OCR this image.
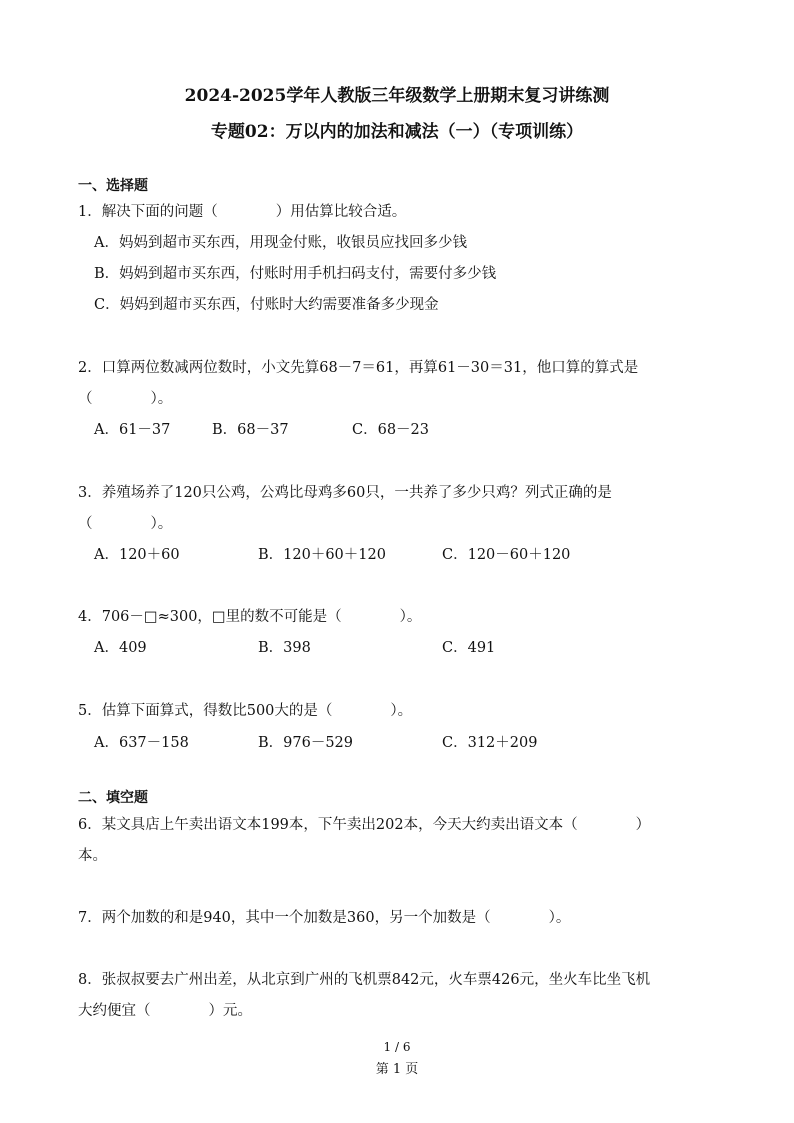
2024-2025学年人教版三年级数学上册期末复习讲练测
专题02：万以内的加法和减法（一）（专项训练）
一、选择题
1．解决下面的问题（　　　　）用估算比较合适。
A．妈妈到超市买东西，用现金付账，收银员应找回多少钱
B．妈妈到超市买东西，付账时用手机扫码支付，需要付多少钱
C．妈妈到超市买东西，付账时大约需要准备多少现金
2．口算两位数减两位数时，小文先算68－7＝61，再算61－30＝31，他口算的算式是
（　　　　）。
A．61－37	B．68－37	C．68－23
3．养殖场养了120只公鸡，公鸡比母鸡多60只，一共养了多少只鸡？列式正确的是
（　　　　）。
A．120＋60	B．120＋60＋120	C．120－60＋120
4．706－□≈300，□里的数不可能是（　　　　）。
A．409	B．398	C．491
5．估算下面算式，得数比500大的是（　　　　）。
A．637－158	B．976－529	C．312＋209
二、填空题
6．某文具店上午卖出语文本199本，下午卖出202本，今天大约卖出语文本（　　　　）
本。
7．两个加数的和是940，其中一个加数是360，另一个加数是（　　　　）。
8．张叔叔要去广州出差，从北京到广州的飞机票842元，火车票426元，坐火车比坐飞机
大约便宜（　　　　）元。
1 / 6
第 1 页
